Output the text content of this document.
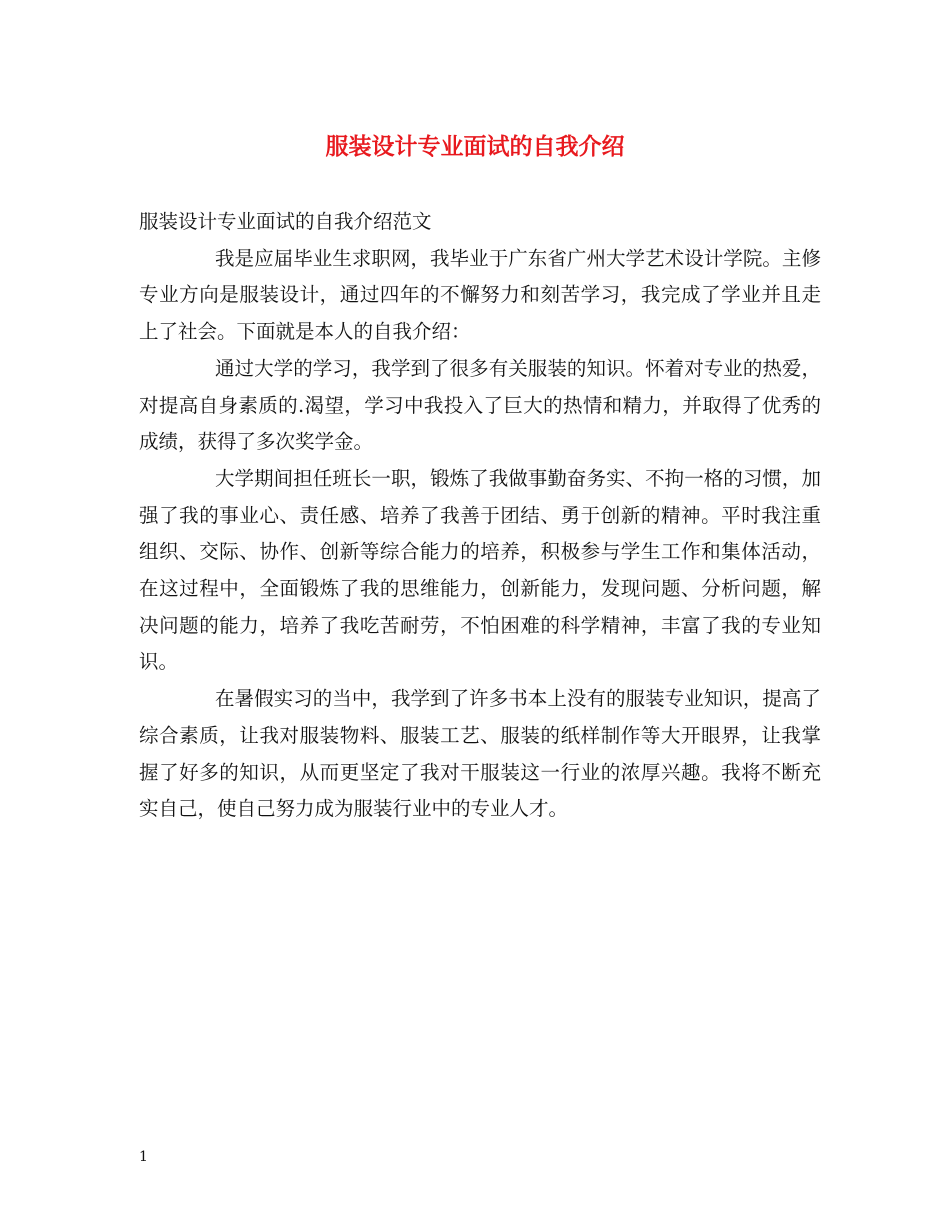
服装设计专业面试的自我介绍

服装设计专业面试的自我介绍范文

我是应届毕业生求职网，我毕业于广东省广州大学艺术设计学院。主修专业方向是服装设计，通过四年的不懈努力和刻苦学习，我完成了学业并且走上了社会。下面就是本人的自我介绍：

通过大学的学习，我学到了很多有关服装的知识。怀着对专业的热爱，对提高自身素质的.渴望，学习中我投入了巨大的热情和精力，并取得了优秀的成绩，获得了多次奖学金。

大学期间担任班长一职，锻炼了我做事勤奋务实、不拘一格的习惯，加强了我的事业心、责任感、培养了我善于团结、勇于创新的精神。平时我注重组织、交际、协作、创新等综合能力的培养，积极参与学生工作和集体活动，在这过程中，全面锻炼了我的思维能力，创新能力，发现问题、分析问题，解决问题的能力，培养了我吃苦耐劳，不怕困难的科学精神，丰富了我的专业知识。

在暑假实习的当中，我学到了许多书本上没有的服装专业知识，提高了综合素质，让我对服装物料、服装工艺、服装的纸样制作等大开眼界，让我掌握了好多的知识，从而更坚定了我对干服装这一行业的浓厚兴趣。我将不断充实自己，使自己努力成为服装行业中的专业人才。

1
